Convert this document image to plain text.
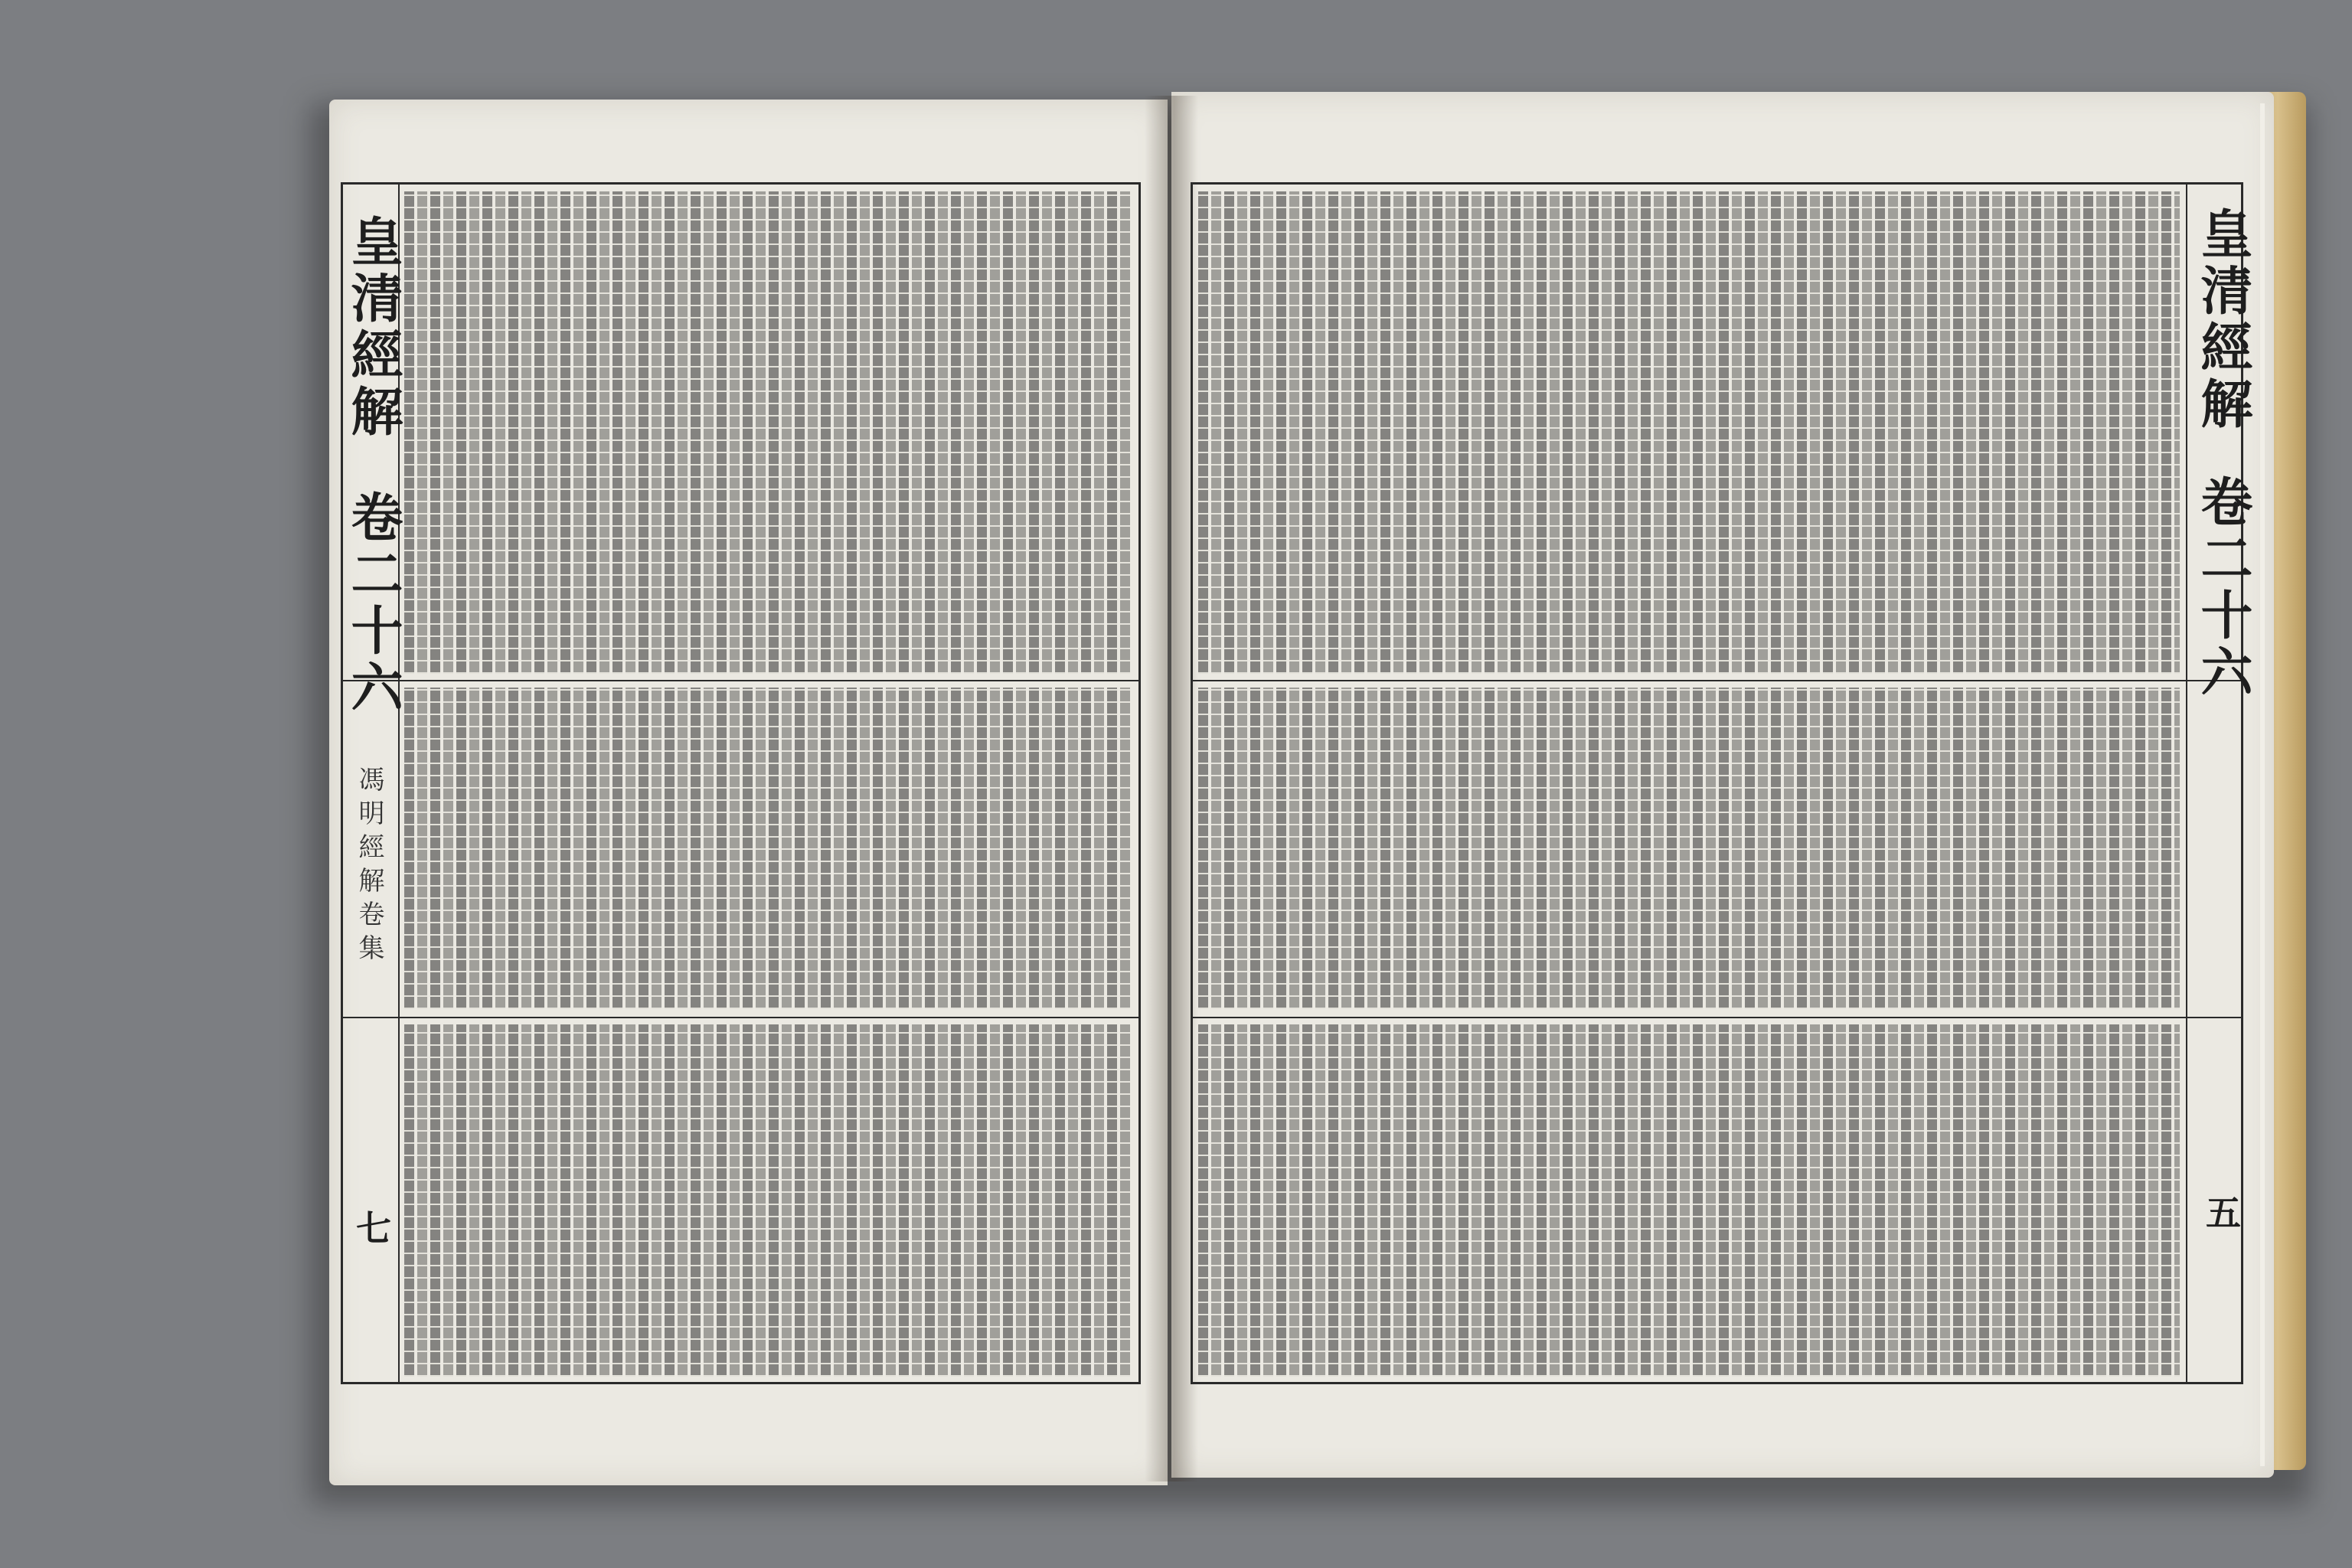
皇清經解
卷二十六
馮明經解卷集
七
皇清經解
卷二十六
五
